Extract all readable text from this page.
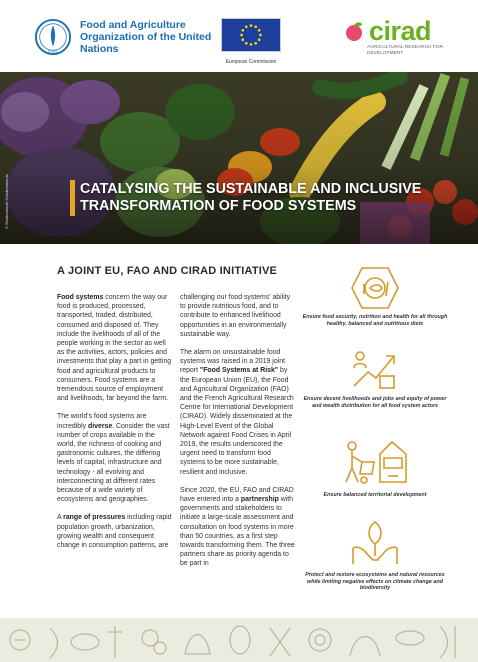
FAO
Food and Agriculture Organization of the United Nations
European Commission
cirad
AGRICULTURAL RESEARCH FOR DEVELOPMENT
©Shutterstock/ Goodmoments	CATALYSING THE SUSTAINABLE AND INCLUSIVE TRANSFORMATION OF FOOD SYSTEMS
A JOINT EU, FAO AND CIRAD INITIATIVE

Food systems concern the way our food is produced, processed, transported, traded, distributed, consumed and disposed of. They include the livelihoods of all of the people working in the sector as well as the activities, actors, policies and investments that play a part in getting food and agricultural products to consumers. Food systems are a tremendous source of employment and livelihoods, far beyond the farm.

The world's food systems are incredibly diverse. Consider the vast number of crops available in the world, the richness of cooking and gastronomic cultures, the differing levels of capital, infrastructure and technology - all evolving and interconnecting at different rates because of a wide variety of ecosystems and geographies.

A range of pressures including rapid population growth, urbanization, growing wealth and consequent change in consumption patterns, are

challenging our food systems' ability to provide nutritious food, and to contribute to enhanced livelihood opportunities in an environmentally sustainable way.

The alarm on unsustainable food systems was raised in a 2019 joint report "Food Systems at Risk" by the European Union (EU), the Food and Agricultural Organization (FAO) and the French Agricultural Research Centre for International Development (CIRAD). Widely disseminated at the High-Level Event of the Global Network against Food Crises in April 2019, the results underscored the urgent need to transform food systems to be more sustainable, resilient and inclusive.

Since 2020, the EU, FAO and CIRAD have entered into a partnership with governments and stakeholders to initiate a large-scale assessment and consultation on food systems in more than 50 countries, as a first step towards transforming them. The three partners share as priority agenda to be part in

Ensure food security, nutrition and health for all through healthy, balanced and nutritious diets
Ensure decent livelihoods and jobs and equity of power and wealth distribution for all food system actors
Ensure balanced territorial development
Protect and restore ecosystems and natural resources while limiting negative effects on climate change and biodiversity
